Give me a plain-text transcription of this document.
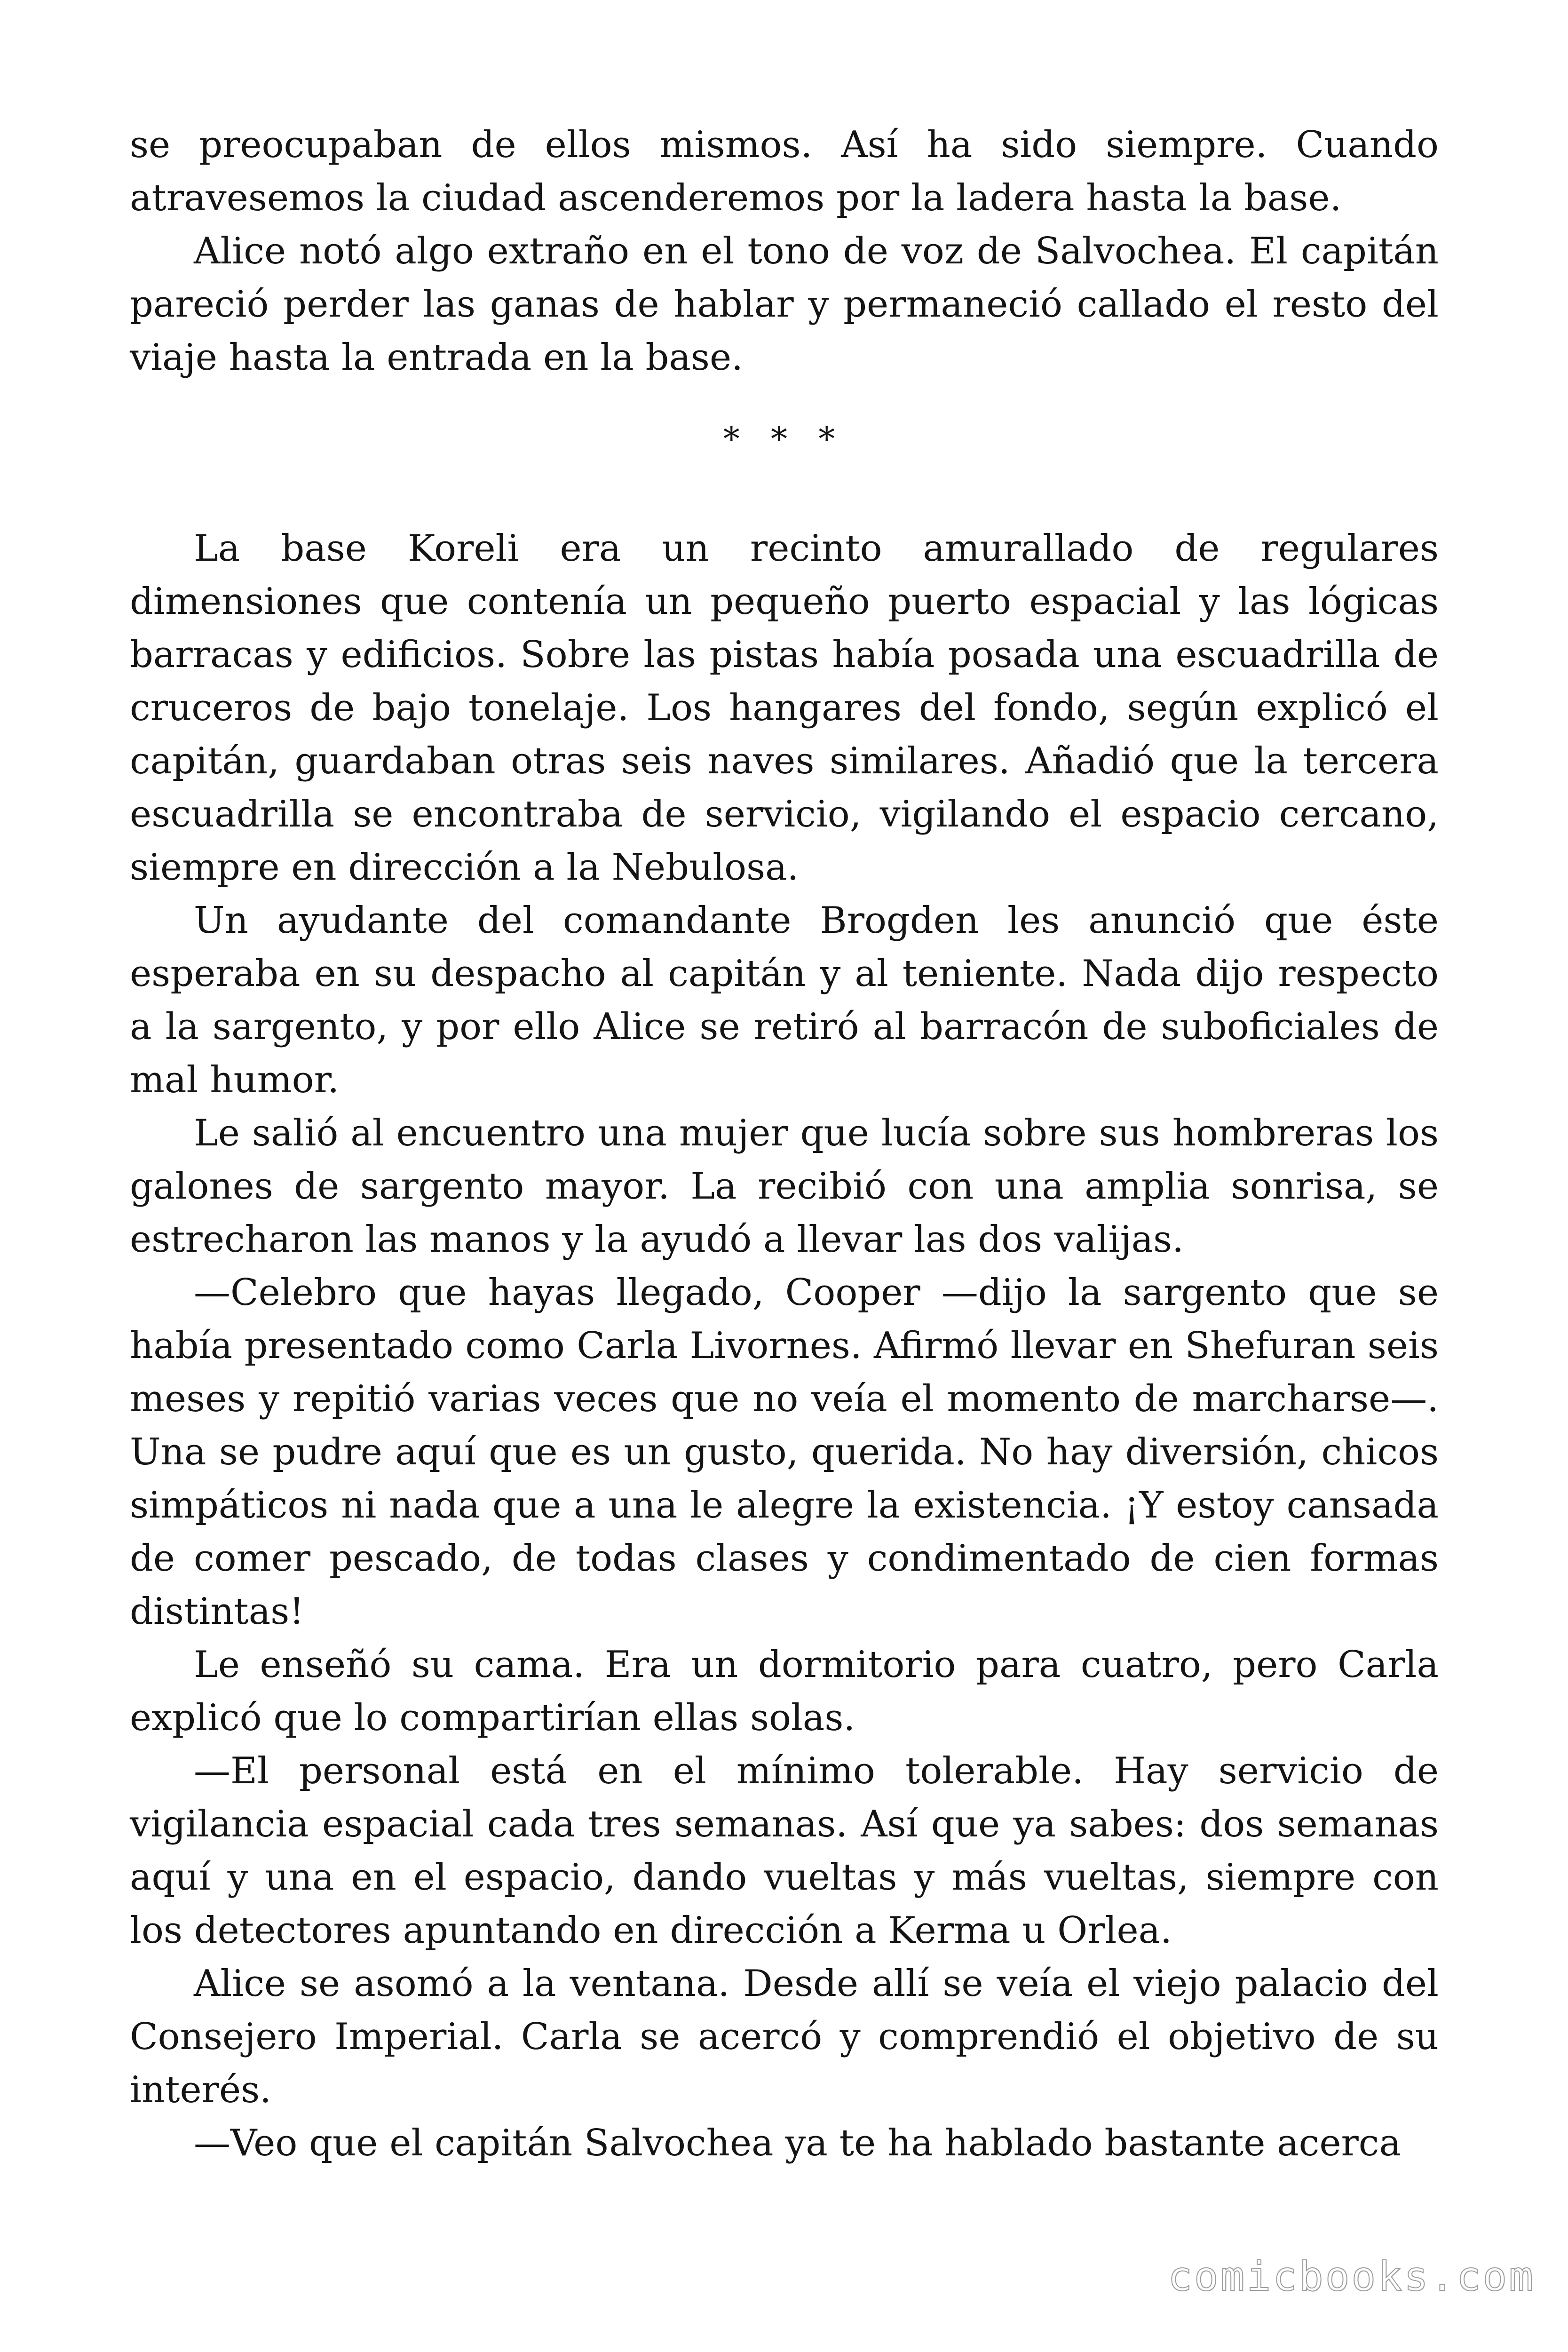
se preocupaban de ellos mismos. Así ha sido siempre. Cuando atravesemos la ciudad ascenderemos por la ladera hasta la base.

Alice notó algo extraño en el tono de voz de Salvochea. El capitán pareció perder las ganas de hablar y permaneció callado el resto del viaje hasta la entrada en la base.

* * *

La base Koreli era un recinto amurallado de regulares dimensiones que contenía un pequeño puerto espacial y las lógicas barracas y edificios. Sobre las pistas había posada una escuadrilla de cruceros de bajo tonelaje. Los hangares del fondo, según explicó el capitán, guardaban otras seis naves similares. Añadió que la tercera escuadrilla se encontraba de servicio, vigilando el espacio cercano, siempre en dirección a la Nebulosa.

Un ayudante del comandante Brogden les anunció que éste esperaba en su despacho al capitán y al teniente. Nada dijo respecto a la sargento, y por ello Alice se retiró al barracón de suboficiales de mal humor.

Le salió al encuentro una mujer que lucía sobre sus hombreras los galones de sargento mayor. La recibió con una amplia sonrisa, se estrecharon las manos y la ayudó a llevar las dos valijas.

—Celebro que hayas llegado, Cooper —dijo la sargento que se había presentado como Carla Livornes. Afirmó llevar en Shefuran seis meses y repitió varias veces que no veía el momento de marcharse—. Una se pudre aquí que es un gusto, querida. No hay diversión, chicos simpáticos ni nada que a una le alegre la existencia. ¡Y estoy cansada de comer pescado, de todas clases y condimentado de cien formas distintas!

Le enseñó su cama. Era un dormitorio para cuatro, pero Carla explicó que lo compartirían ellas solas.

—El personal está en el mínimo tolerable. Hay servicio de vigilancia espacial cada tres semanas. Así que ya sabes: dos semanas aquí y una en el espacio, dando vueltas y más vueltas, siempre con los detectores apuntando en dirección a Kerma u Orlea.

Alice se asomó a la ventana. Desde allí se veía el viejo palacio del Consejero Imperial. Carla se acercó y comprendió el objetivo de su interés.

—Veo que el capitán Salvochea ya te ha hablado bastante acerca

comicbooks.com
